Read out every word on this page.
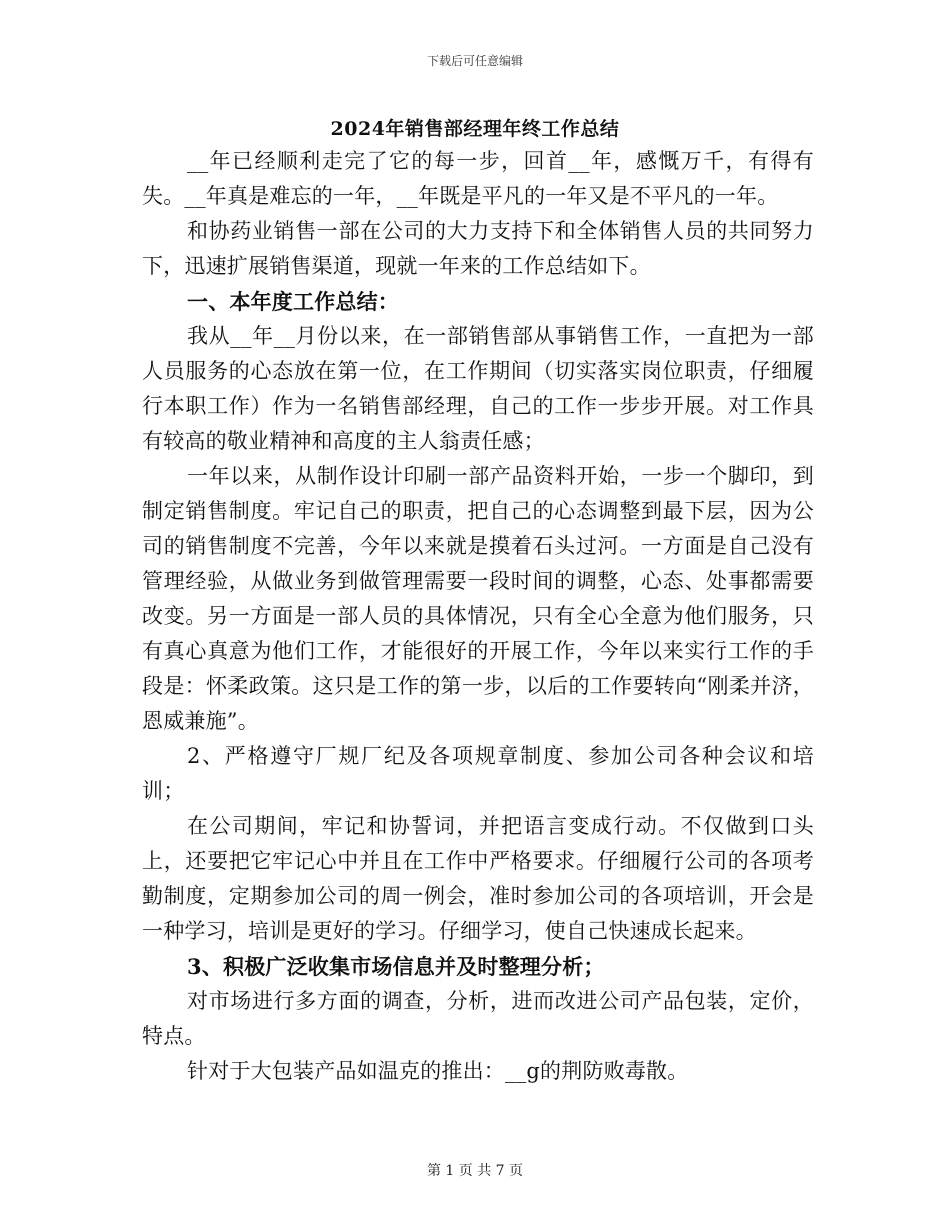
下载后可任意编辑
2024年销售部经理年终工作总结

__年已经顺利走完了它的每一步，回首__年，感慨万千，有得有失。__年真是难忘的一年，__年既是平凡的一年又是不平凡的一年。

和协药业销售一部在公司的大力支持下和全体销售人员的共同努力下，迅速扩展销售渠道，现就一年来的工作总结如下。

一、本年度工作总结：

我从__年__月份以来，在一部销售部从事销售工作，一直把为一部人员服务的心态放在第一位，在工作期间（切实落实岗位职责，仔细履行本职工作）作为一名销售部经理，自己的工作一步步开展。对工作具有较高的敬业精神和高度的主人翁责任感；

一年以来，从制作设计印刷一部产品资料开始，一步一个脚印，到制定销售制度。牢记自己的职责，把自己的心态调整到最下层，因为公司的销售制度不完善，今年以来就是摸着石头过河。一方面是自己没有管理经验，从做业务到做管理需要一段时间的调整，心态、处事都需要改变。另一方面是一部人员的具体情况，只有全心全意为他们服务，只有真心真意为他们工作，才能很好的开展工作，今年以来实行工作的手段是：怀柔政策。这只是工作的第一步，以后的工作要转向“刚柔并济，恩威兼施”。

2、严格遵守厂规厂纪及各项规章制度、参加公司各种会议和培训；

在公司期间，牢记和协誓词，并把语言变成行动。不仅做到口头上，还要把它牢记心中并且在工作中严格要求。仔细履行公司的各项考勤制度，定期参加公司的周一例会，准时参加公司的各项培训，开会是一种学习，培训是更好的学习。仔细学习，使自己快速成长起来。

3、积极广泛收集市场信息并及时整理分析；

对市场进行多方面的调查，分析，进而改进公司产品包装，定价，特点。

针对于大包装产品如温克的推出：__g的荆防败毒散。

第 1 页 共 7 页
